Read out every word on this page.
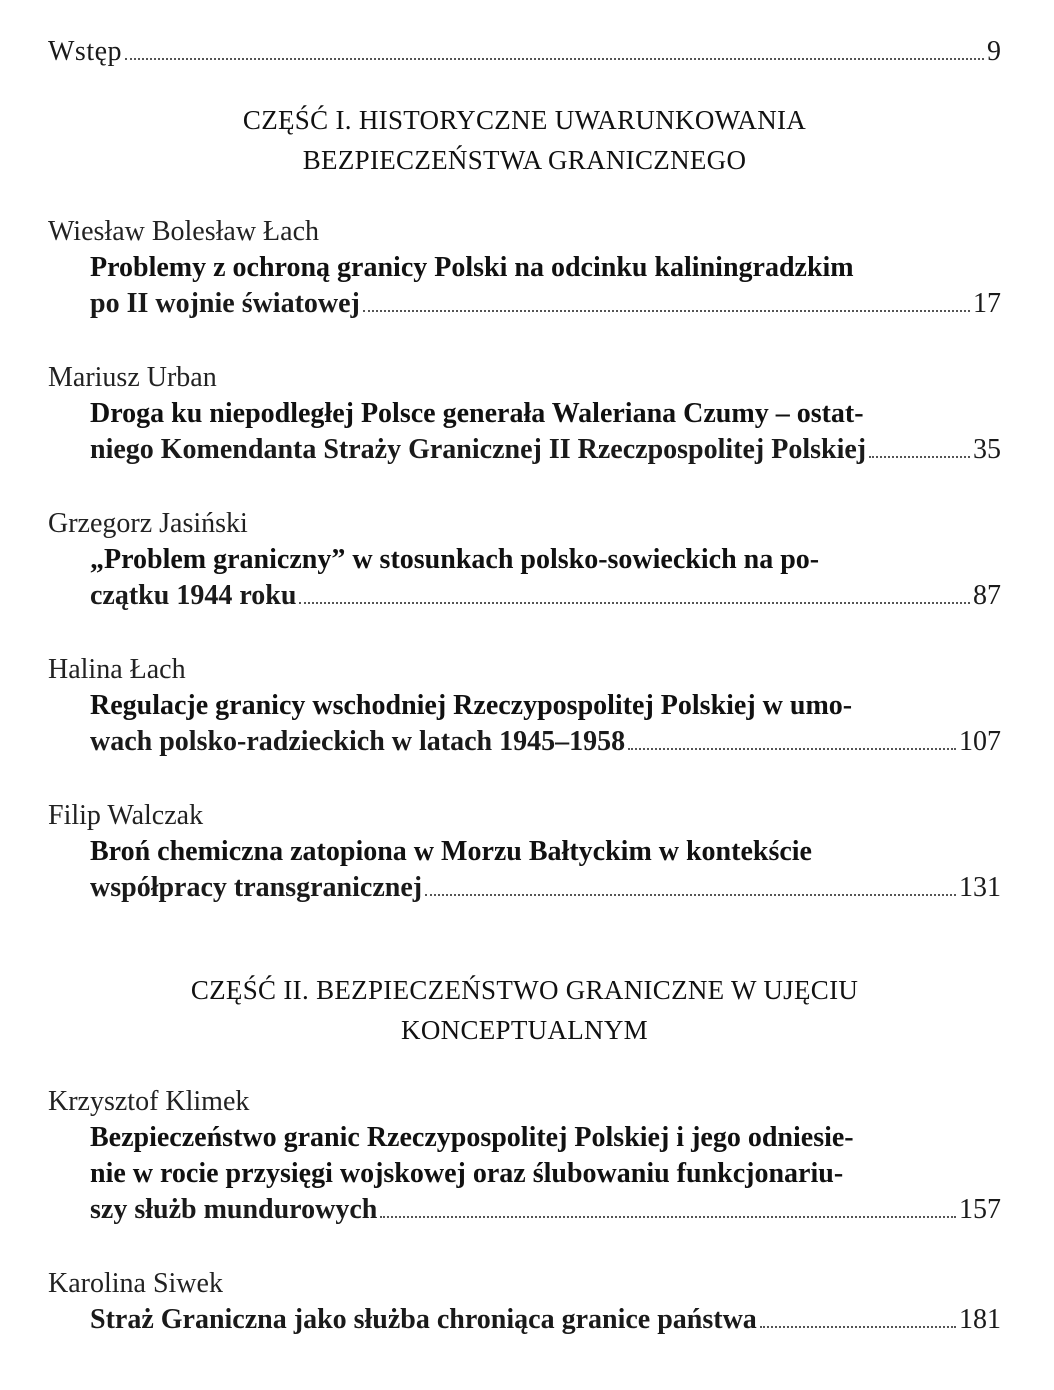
Wstęp	9
CZĘŚĆ I. HISTORYCZNE UWARUNKOWANIA
BEZPIECZEŃSTWA GRANICZNEGO
Wiesław Bolesław Łach
Problemy z ochroną granicy Polski na odcinku kaliningradzkim
po II wojnie światowej	17
Mariusz Urban
Droga ku niepodległej Polsce generała Waleriana Czumy – ostat-
niego Komendanta Straży Granicznej II Rzeczpospolitej Polskiej	35
Grzegorz Jasiński
„Problem graniczny” w stosunkach polsko-sowieckich na po-
czątku 1944 roku	87
Halina Łach
Regulacje granicy wschodniej Rzeczypospolitej Polskiej w umo-
wach polsko-radzieckich w latach 1945–1958	107
Filip Walczak
Broń chemiczna zatopiona w Morzu Bałtyckim w kontekście
współpracy transgranicznej	131
CZĘŚĆ II. BEZPIECZEŃSTWO GRANICZNE W UJĘCIU
KONCEPTUALNYM
Krzysztof Klimek
Bezpieczeństwo granic Rzeczypospolitej Polskiej i jego odniesie-
nie w rocie przysięgi wojskowej oraz ślubowaniu funkcjonariu-
szy służb mundurowych	157
Karolina Siwek
Straż Graniczna jako służba chroniąca granice państwa	181
